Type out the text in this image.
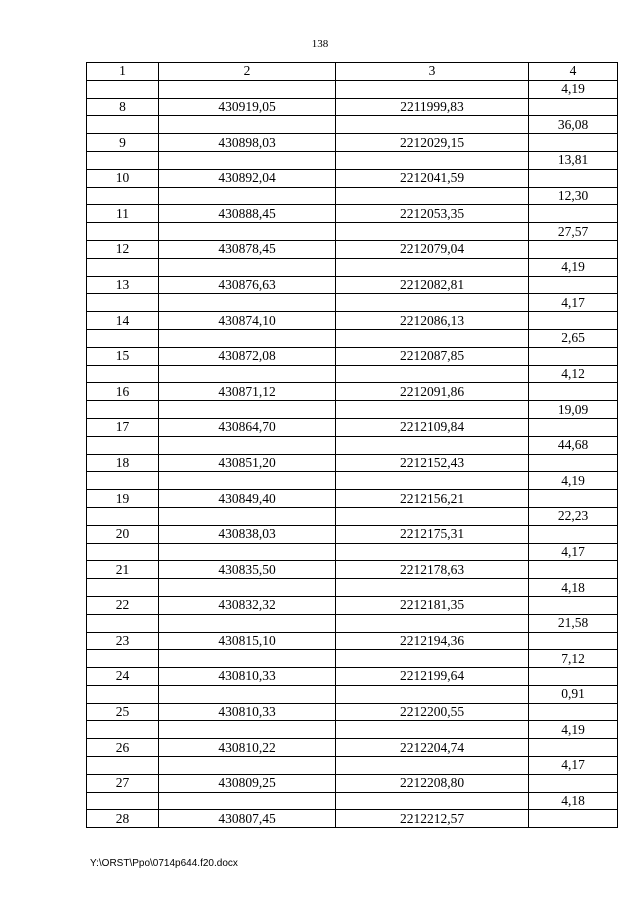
138
1	2	3	4
			4,19
8	430919,05	2211999,83	
			36,08
9	430898,03	2212029,15	
			13,81
10	430892,04	2212041,59	
			12,30
11	430888,45	2212053,35	
			27,57
12	430878,45	2212079,04	
			4,19
13	430876,63	2212082,81	
			4,17
14	430874,10	2212086,13	
			2,65
15	430872,08	2212087,85	
			4,12
16	430871,12	2212091,86	
			19,09
17	430864,70	2212109,84	
			44,68
18	430851,20	2212152,43	
			4,19
19	430849,40	2212156,21	
			22,23
20	430838,03	2212175,31	
			4,17
21	430835,50	2212178,63	
			4,18
22	430832,32	2212181,35	
			21,58
23	430815,10	2212194,36	
			7,12
24	430810,33	2212199,64	
			0,91
25	430810,33	2212200,55	
			4,19
26	430810,22	2212204,74	
			4,17
27	430809,25	2212208,80	
			4,18
28	430807,45	2212212,57	
Y:\ORST\Ppo\0714p644.f20.docx
